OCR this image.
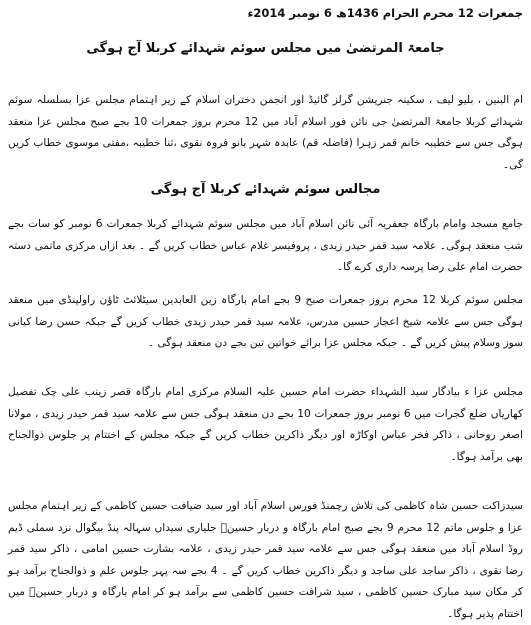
جمعرات 12 محرم الحرام 1436ھ 6 نومبر 2014ء
جامعۃ المرتضیٰ میں مجلس سوئم شہدائے کربلا آج ہوگی
ام البنین ، بلیو لیف ، سکینہ جنریشن گرلز گائیڈ اور انجمن دختران اسلام کے زیر اہتمام مجلس عزا بسلسلہ سوئم شہدائے کربلا جامعۃ المرتضیٰ جی نائن فور اسلام آباد میں 12 محرم بروز جمعرات 10 بجے صبح مجلس عزا منعقد ہوگی جس سے خطیبہ خانم قمر زہرا (فاضلہ قم) عابدہ شہر بانو فروہ نقوی ،ثنا خطیبہ ،مفتی موسوی خطاب کریں گی۔
مجالس سوئم شہدائے کربلا آج ہوگی
جامع مسجد وامام بارگاہ جعفریہ آئی نائن اسلام آباد میں مجلس سوئم شہدائے کربلا جمعرات 6 نومبر کو سات بجے شب منعقد ہوگی۔ علامہ سید قمر حیدر زیدی ، پروفیسر غلام عباس خطاب کریں گے ۔ بعد ازاں مرکزی ماتمی دستہ حضرت امام علی رضا پرسہ داری کرے گا۔
مجلس سوئم کربلا 12 محرم بروز جمعرات صبح 9 بجے امام بارگاہ زین العابدین سیٹلائٹ ٹاؤن راولپنڈی میں منعقد ہوگی جس سے علامہ شیخ اعجاز حسین مدرس، علامہ سید قمر حیدر زیدی خطاب کریں گے جبکہ حسن رضا کیانی سوز وسلام پیش کریں گے ۔ جبکہ مجلس عزا برائے خواتین تین بجے دن منعقد ہوگی ۔
مجلس عزا ء بیادگار سید الشہداء حضرت امام حسین علیہ السلام مرکزی امام بارگاہ قصر زینب علی چک تفصیل کھاریاں ضلع گجرات میں 6 نومبر بروز جمعرات 10 بجے دن منعقد ہوگی جس سے علامہ سید قمر حیدر زیدی ، مولانا اصغر روحانی ، ذاکر فخر عباس اوکاڑہ اور دیگر ذاکرین خطاب کریں گے جبکہ مجلس کے اختتام پر جلوس ذوالجناح بھی برآمد ہوگا۔
سیدزاکت حسین شاہ کاظمی کی تلاش رچمنڈ فورس اسلام آباد اور سید ضیافت حسین کاظمی کے زیر اہتمام مجلس عزا و جلوس ماتم 12 محرم 9 بجے صبح امام بارگاہ و دربار حسینؑ جلیاری سیداں سہالہ پنڈ بیگوال نزد سملی ڈیم روڈ اسلام آباد میں منعقد ہوگی جس سے علامہ سید قمر حیدر زیدی ، علامہ بشارت حسین امامی ، ذاکر سید قمر رضا نقوی ، ذاکر ساجد علی ساجد و دیگر ذاکرین خطاب کریں گے ۔ 4 بجے سہ پہر جلوس علم و ذوالجناح برآمد ہو کر مکان سید مبارک حسین کاظمی ، سید شرافت حسین کاظمی سے برآمد ہو کر امام بارگاہ و دربار حسینؑ میں اختتام پذیر ہوگا۔
